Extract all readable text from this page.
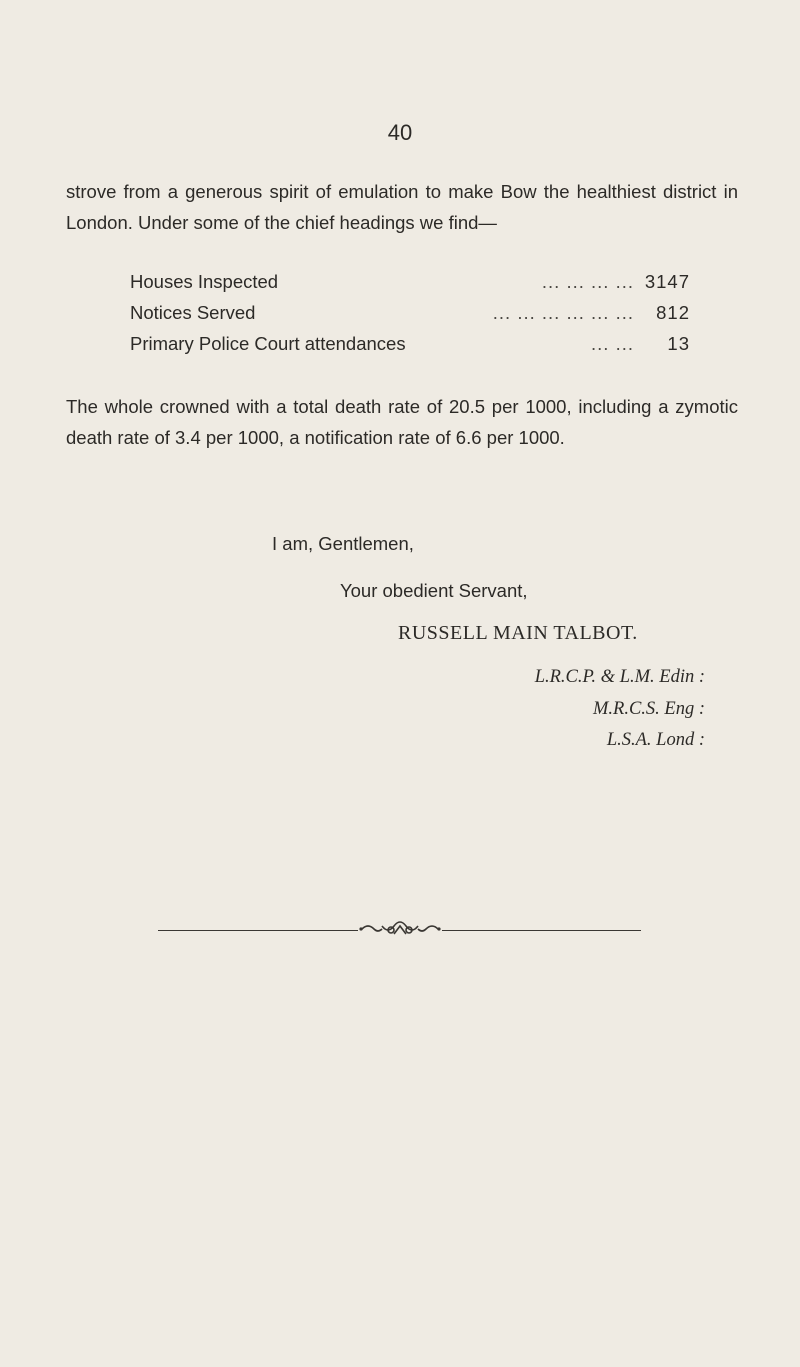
40
strove from a generous spirit of emulation to make Bow the healthiest district in London. Under some of the chief headings we find—
Houses Inspected	... ... ... ... 3147
Notices Served	... ... ... ... ... ...	812
Primary Police Court attendances	... ...	13
The whole crowned with a total death rate of 20.5 per 1000, including a zymotic death rate of 3.4 per 1000, a notification rate of 6.6 per 1000.
I am, Gentlemen,
Your obedient Servant,
RUSSELL MAIN TALBOT.
L.R.C.P. & L.M. Edin :
M.R.C.S. Eng :
L.S.A. Lond :
